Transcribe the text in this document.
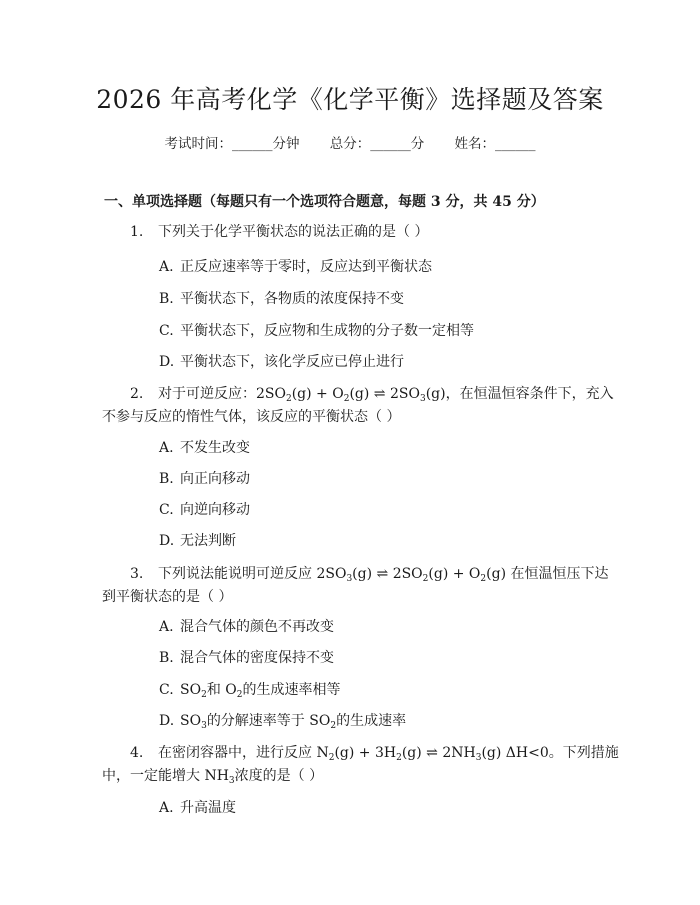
2026 年高考化学《化学平衡》选择题及答案
考试时间：______分钟 总分：______分 姓名：______
一、单项选择题（每题只有一个选项符合题意，每题 3 分，共 45 分）
1. 下列关于化学平衡状态的说法正确的是（ ）
A. 正反应速率等于零时，反应达到平衡状态
B. 平衡状态下，各物质的浓度保持不变
C. 平衡状态下，反应物和生成物的分子数一定相等
D. 平衡状态下，该化学反应已停止进行
2. 对于可逆反应：$2SO_2(g) + O_2(g)$ ⇌ $2SO_3(g)$，在恒温恒容条件下，充入
不参与反应的惰性气体，该反应的平衡状态（ ）
A. 不发生改变
B. 向正向移动
C. 向逆向移动
D. 无法判断
3. 下列说法能说明可逆反应 $2SO_3(g)$ ⇌ $2SO_2(g) + O_2(g)$ 在恒温恒压下达
到平衡状态的是（ ）
A. 混合气体的颜色不再改变
B. 混合气体的密度保持不变
C. $SO_2$和 $O_2$的生成速率相等
D. $SO_3$的分解速率等于 $SO_2$的生成速率
4. 在密闭容器中，进行反应 $N_2(g) + 3H_2(g)$ ⇌ $2NH_3(g)$ ΔH<0。下列措施
中，一定能增大 $NH_3$浓度的是（ ）
A. 升高温度
